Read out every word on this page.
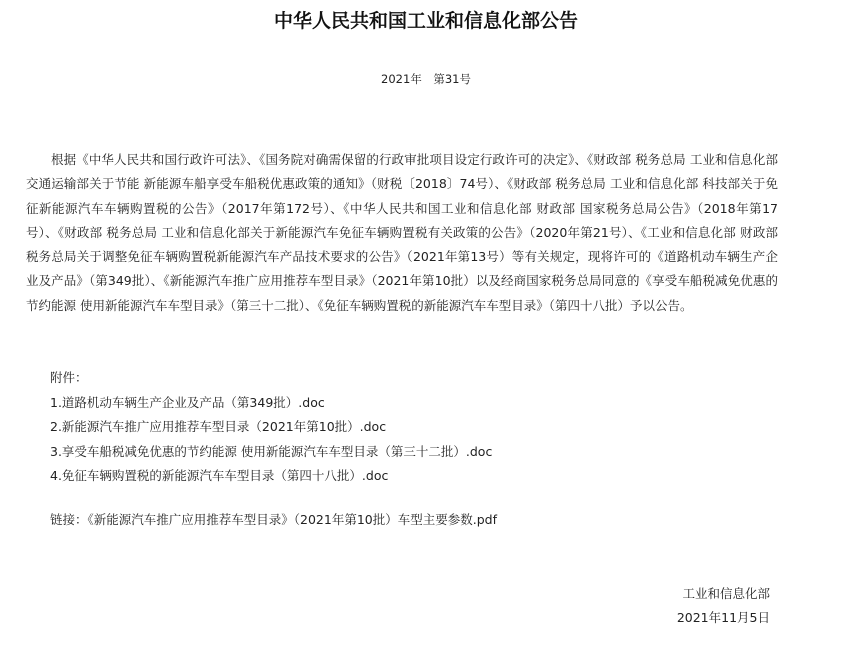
中华人民共和国工业和信息化部公告
2021年　第31号

根据《中华人民共和国行政许可法》、《国务院对确需保留的行政审批项目设定行政许可的决定》、《财政部 税务总局 工业和信息化部 交通运输部关于节能 新能源车船享受车船税优惠政策的通知》（财税〔2018〕74号）、《财政部 税务总局 工业和信息化部 科技部关于免征新能源汽车车辆购置税的公告》（2017年第172号）、《中华人民共和国工业和信息化部 财政部 国家税务总局公告》（2018年第17号）、《财政部 税务总局 工业和信息化部关于新能源汽车免征车辆购置税有关政策的公告》（2020年第21号）、《工业和信息化部 财政部 税务总局关于调整免征车辆购置税新能源汽车产品技术要求的公告》（2021年第13号）等有关规定，现将许可的《道路机动车辆生产企业及产品》（第349批）、《新能源汽车推广应用推荐车型目录》（2021年第10批）以及经商国家税务总局同意的《享受车船税减免优惠的节约能源 使用新能源汽车车型目录》（第三十二批）、《免征车辆购置税的新能源汽车车型目录》（第四十八批）予以公告。

附件：
1.道路机动车辆生产企业及产品（第349批）.doc
2.新能源汽车推广应用推荐车型目录（2021年第10批）.doc
3.享受车船税减免优惠的节约能源 使用新能源汽车车型目录（第三十二批）.doc
4.免征车辆购置税的新能源汽车车型目录（第四十八批）.doc
链接：《新能源汽车推广应用推荐车型目录》（2021年第10批）车型主要参数.pdf
工业和信息化部
2021年11月5日
